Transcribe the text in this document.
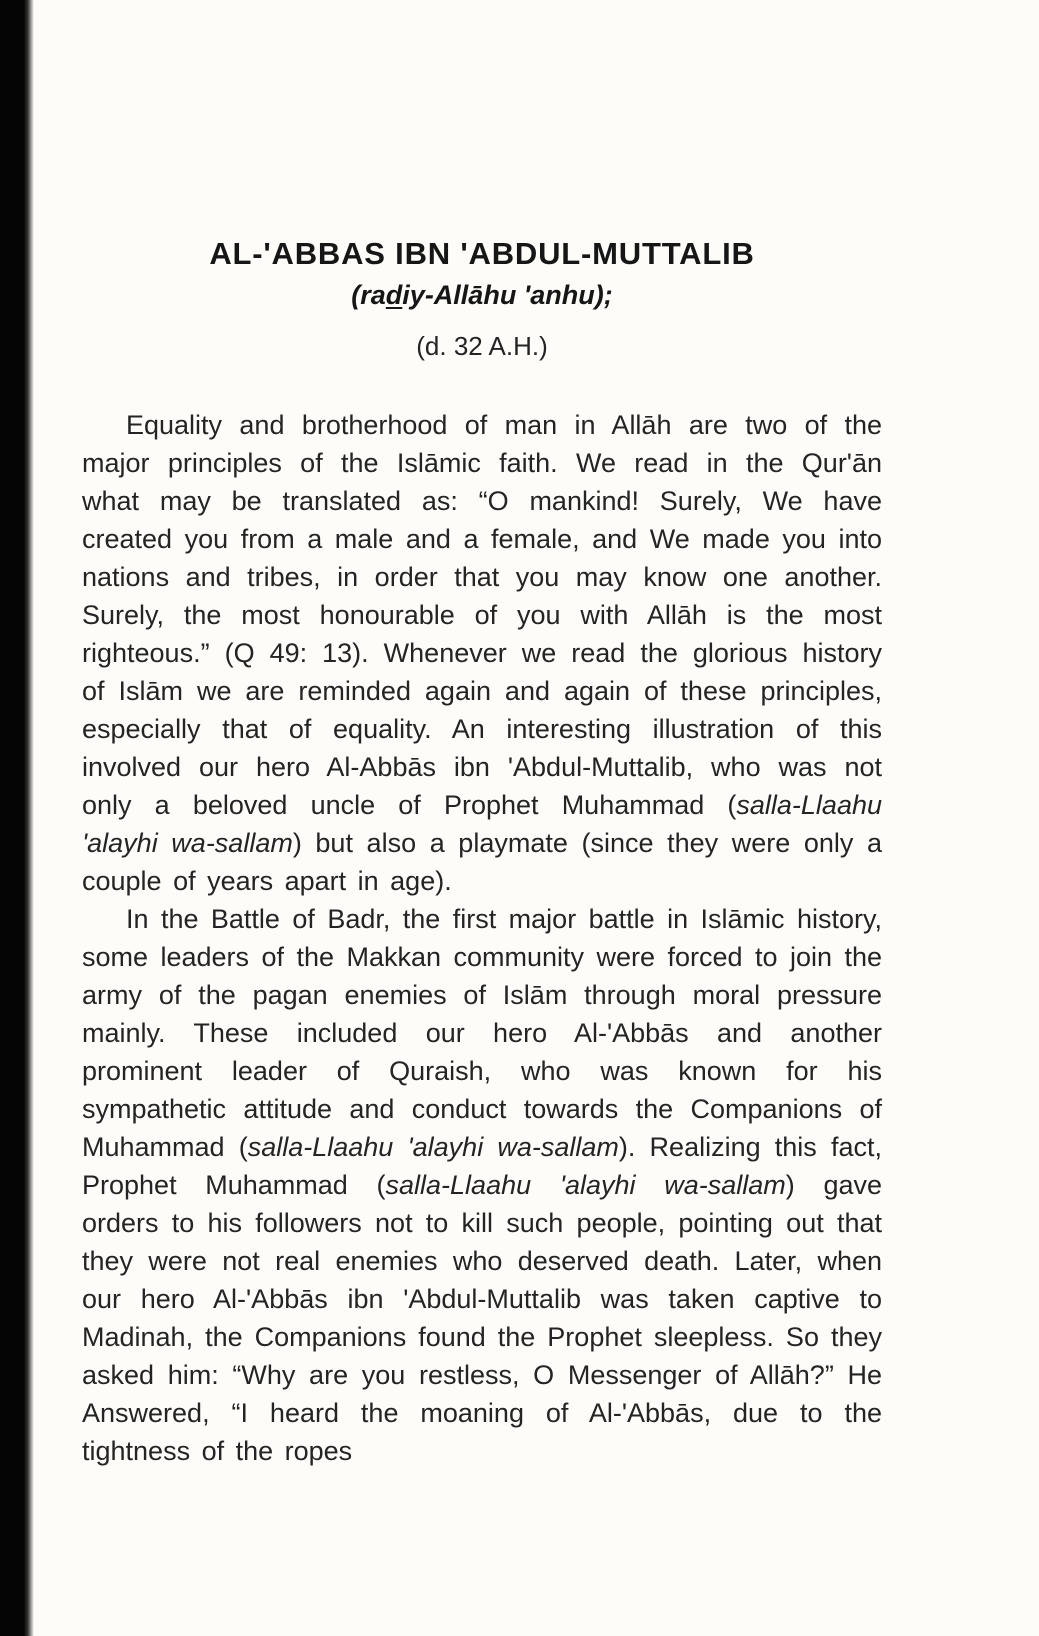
AL-'ABBAS IBN 'ABDUL-MUTTALIB
(radiy-Allāhu 'anhu);
(d. 32 A.H.)

Equality and brotherhood of man in Allāh are two of the major principles of the Islāmic faith. We read in the Qur'ān what may be translated as: “O mankind! Surely, We have created you from a male and a female, and We made you into nations and tribes, in order that you may know one another. Surely, the most honourable of you with Allāh is the most righteous.” (Q 49: 13). Whenever we read the glorious history of Islām we are reminded again and again of these principles, especially that of equality. An interesting illustration of this involved our hero Al-Abbās ibn 'Abdul-Muttalib, who was not only a beloved uncle of Prophet Muhammad (salla-Llaahu 'alayhi wa-sallam) but also a playmate (since they were only a couple of years apart in age).

In the Battle of Badr, the first major battle in Islāmic history, some leaders of the Makkan community were forced to join the army of the pagan enemies of Islām through moral pressure mainly. These included our hero Al-'Abbās and another prominent leader of Quraish, who was known for his sympathetic attitude and conduct towards the Companions of Muhammad (salla-Llaahu 'alayhi wa-sallam). Realizing this fact, Prophet Muhammad (salla-Llaahu 'alayhi wa-sallam) gave orders to his followers not to kill such people, pointing out that they were not real enemies who deserved death. Later, when our hero Al-'Abbās ibn 'Abdul-Muttalib was taken captive to Madinah, the Companions found the Prophet sleepless. So they asked him: “Why are you restless, O Messenger of Allāh?” He Answered, “I heard the moaning of Al-'Abbās, due to the tightness of the ropes
